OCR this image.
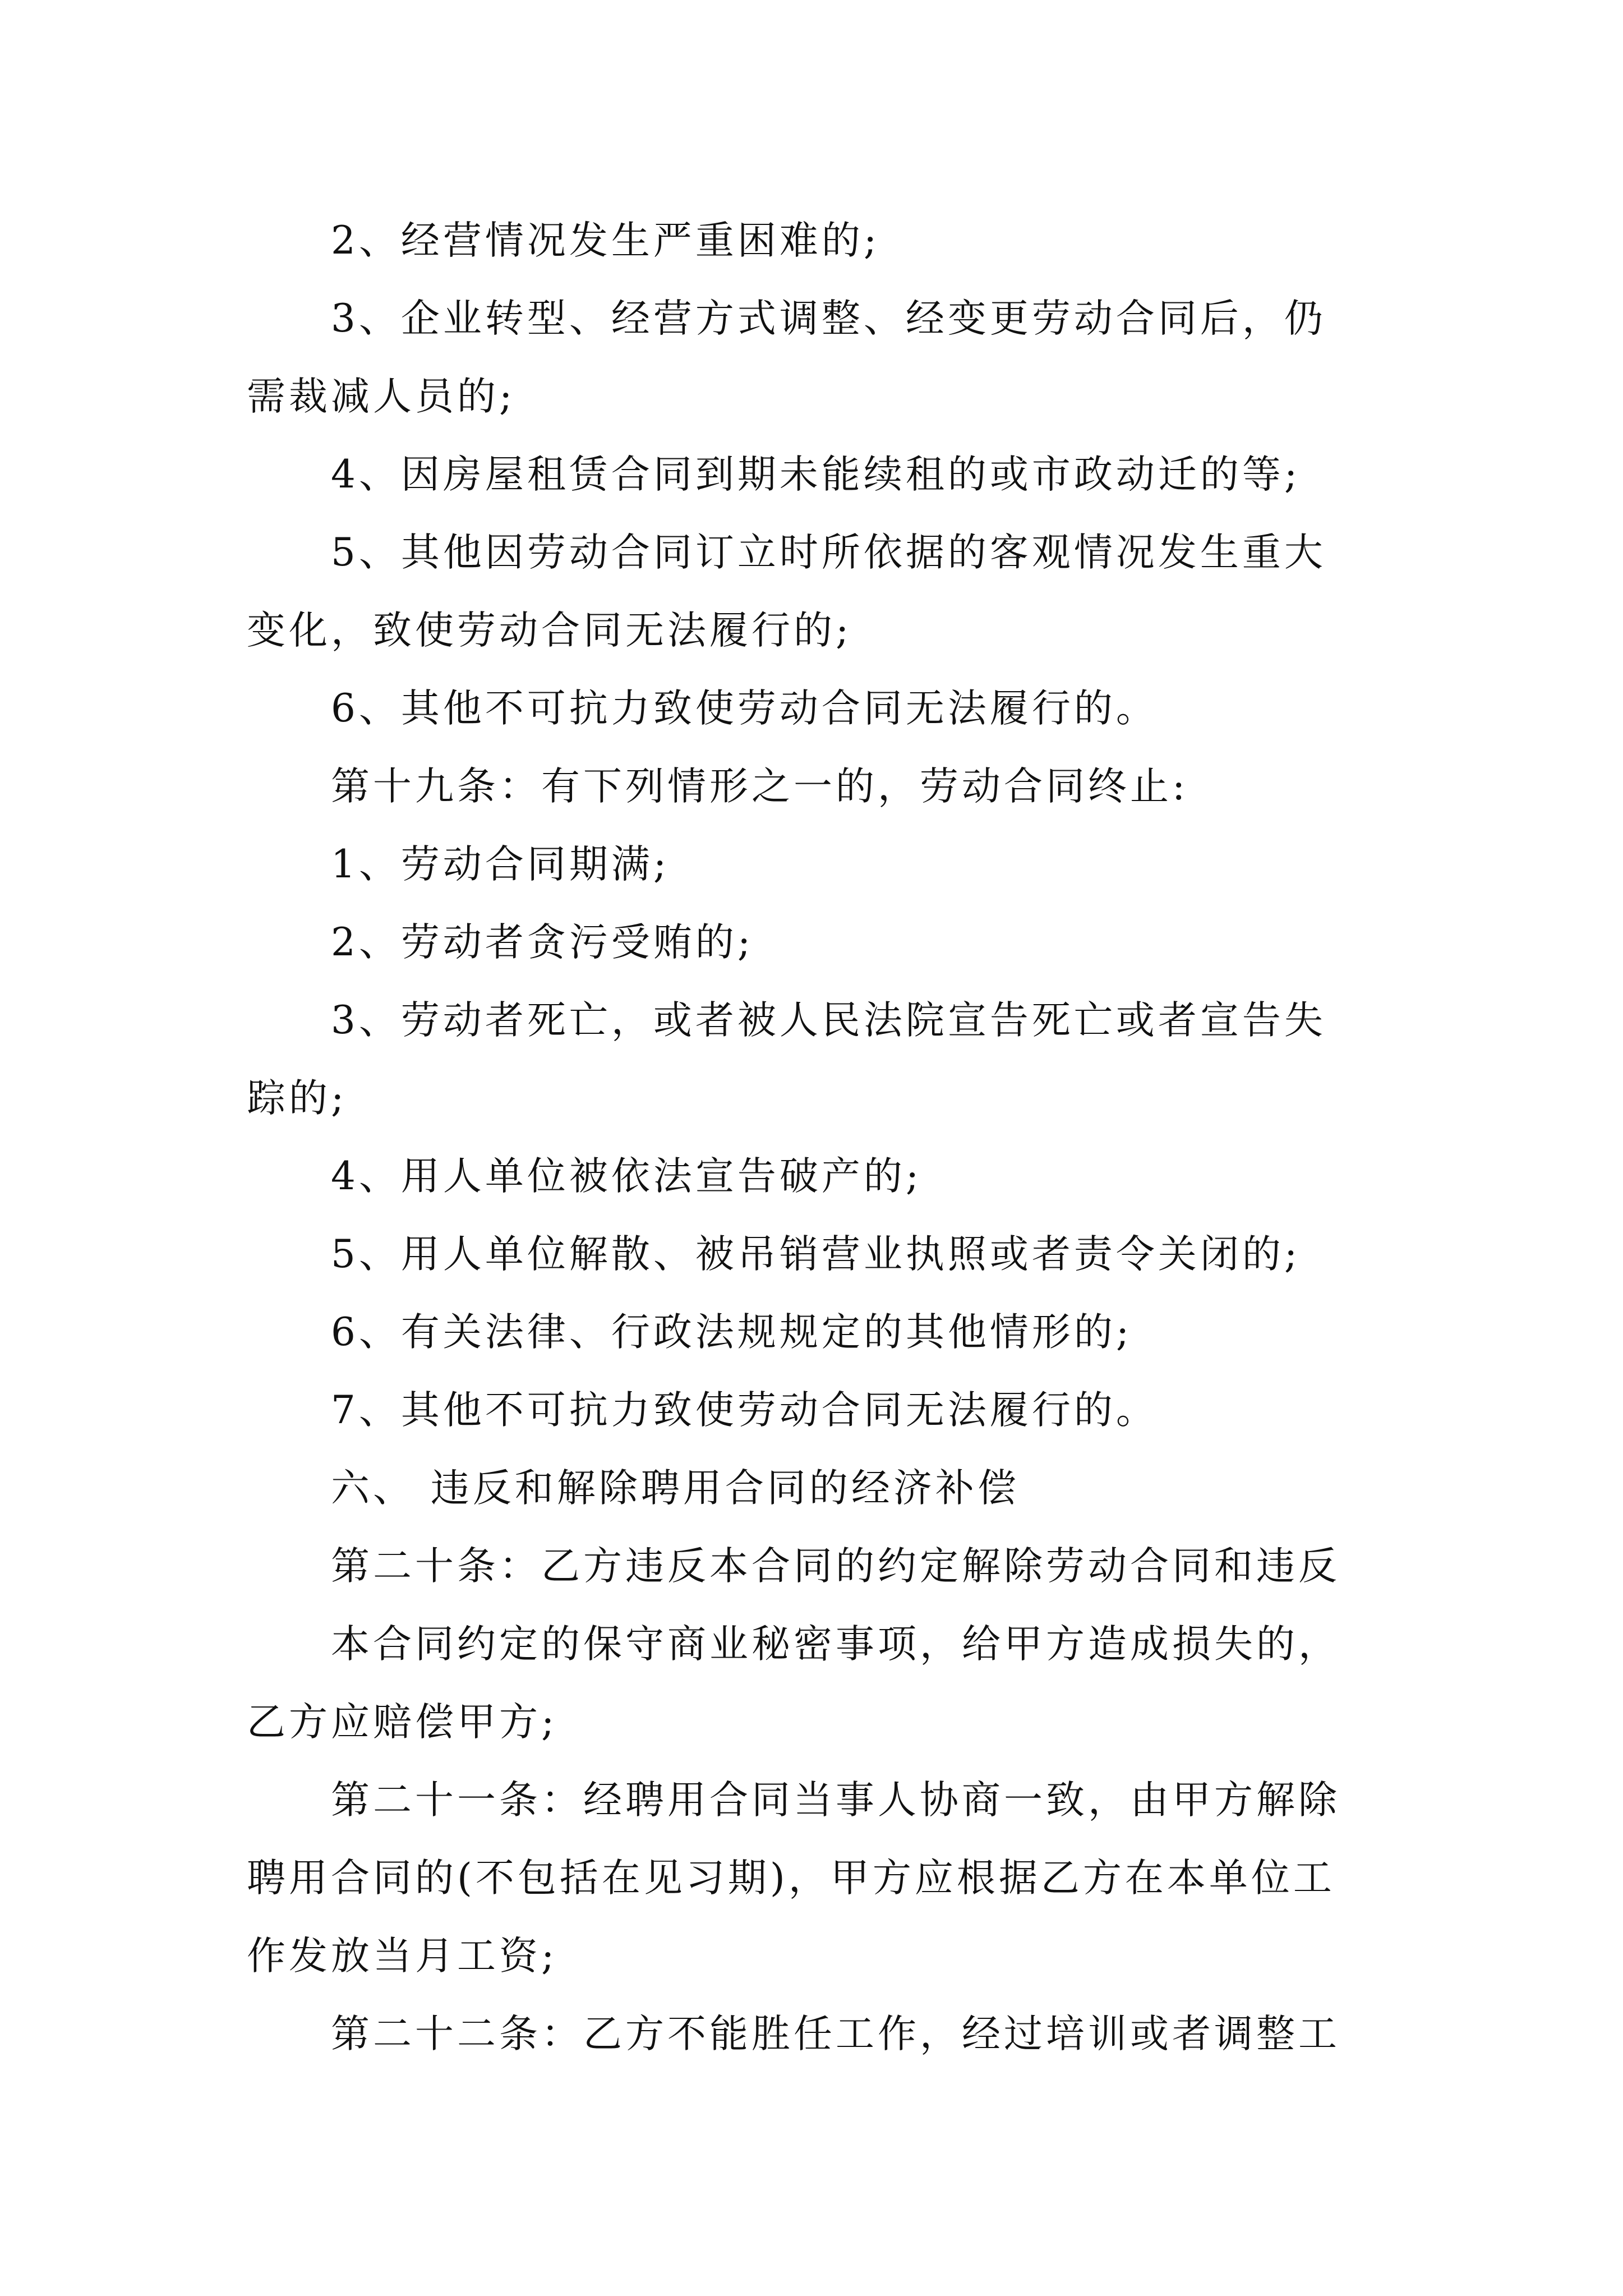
2、经营情况发生严重困难的;
3、企业转型、经营方式调整、经变更劳动合同后，仍
需裁减人员的;
4、因房屋租赁合同到期未能续租的或市政动迁的等;
5、其他因劳动合同订立时所依据的客观情况发生重大
变化，致使劳动合同无法履行的;
6、其他不可抗力致使劳动合同无法履行的。
第十九条：有下列情形之一的，劳动合同终止:
1、劳动合同期满;
2、劳动者贪污受贿的;
3、劳动者死亡，或者被人民法院宣告死亡或者宣告失
踪的;
4、用人单位被依法宣告破产的;
5、用人单位解散、被吊销营业执照或者责令关闭的;
6、有关法律、行政法规规定的其他情形的;
7、其他不可抗力致使劳动合同无法履行的。
六、 违反和解除聘用合同的经济补偿
第二十条：乙方违反本合同的约定解除劳动合同和违反
本合同约定的保守商业秘密事项，给甲方造成损失的，
乙方应赔偿甲方;
第二十一条：经聘用合同当事人协商一致，由甲方解除
聘用合同的(不包括在见习期)，甲方应根据乙方在本单位工
作发放当月工资;
第二十二条：乙方不能胜任工作，经过培训或者调整工
